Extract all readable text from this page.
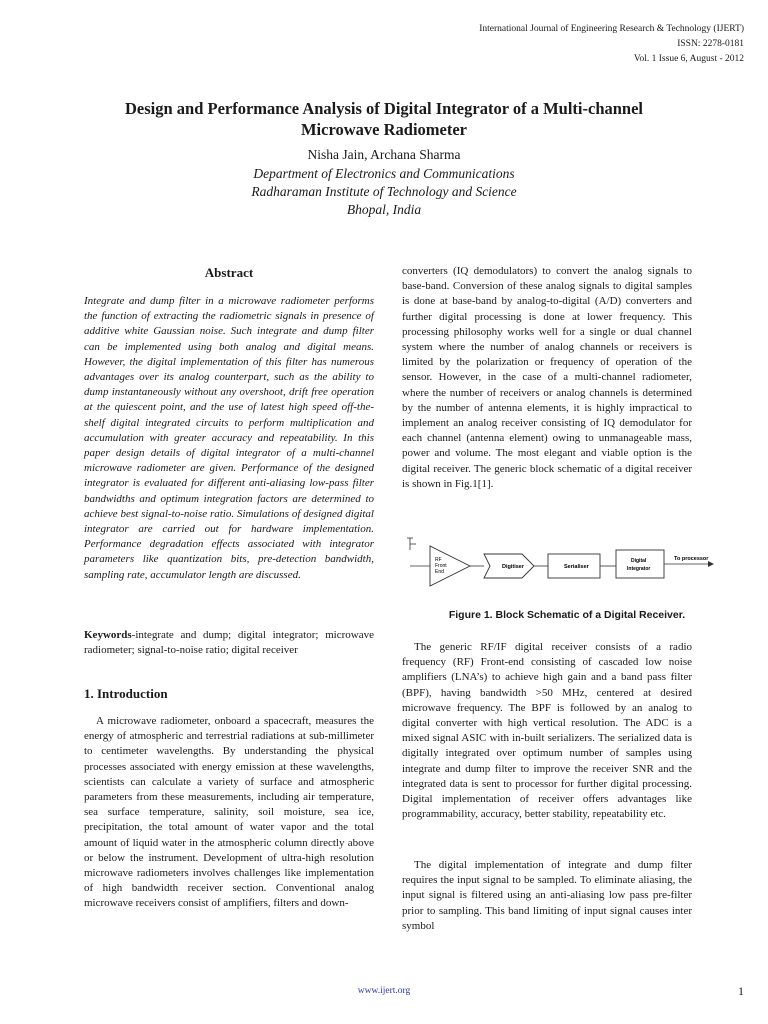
International Journal of Engineering Research & Technology (IJERT)
ISSN: 2278-0181
Vol. 1 Issue 6, August - 2012
Design and Performance Analysis of Digital Integrator of a Multi-channel
Microwave Radiometer
Nisha Jain, Archana Sharma
Department of Electronics and Communications
Radharaman Institute of Technology and Science
Bhopal, India
Abstract
Integrate and dump filter in a microwave radiometer performs the function of extracting the radiometric signals in presence of additive white Gaussian noise. Such integrate and dump filter can be implemented using both analog and digital means. However, the digital implementation of this filter has numerous advantages over its analog counterpart, such as the ability to dump instantaneously without any overshoot, drift free operation at the quiescent point, and the use of latest high speed off-the-shelf digital integrated circuits to perform multiplication and accumulation with greater accuracy and repeatability. In this paper design details of digital integrator of a multi-channel microwave radiometer are given. Performance of the designed integrator is evaluated for different anti-aliasing low-pass filter bandwidths and optimum integration factors are determined to achieve best signal-to-noise ratio. Simulations of designed digital integrator are carried out for hardware implementation. Performance degradation effects associated with integrator parameters like quantization bits, pre-detection bandwidth, sampling rate, accumulator length are discussed.
Keywords-integrate and dump; digital integrator; microwave radiometer; signal-to-noise ratio; digital receiver
1. Introduction
A microwave radiometer, onboard a spacecraft, measures the energy of atmospheric and terrestrial radiations at sub-millimeter to centimeter wavelengths. By understanding the physical processes associated with energy emission at these wavelengths, scientists can calculate a variety of surface and atmospheric parameters from these measurements, including air temperature, sea surface temperature, salinity, soil moisture, sea ice, precipitation, the total amount of water vapor and the total amount of liquid water in the atmospheric column directly above or below the instrument. Development of ultra-high resolution microwave radiometers involves challenges like implementation of high bandwidth receiver section. Conventional analog microwave receivers consist of amplifiers, filters and down-
converters (IQ demodulators) to convert the analog signals to base-band. Conversion of these analog signals to digital samples is done at base-band by analog-to-digital (A/D) converters and further digital processing is done at lower frequency. This processing philosophy works well for a single or dual channel system where the number of analog channels or receivers is limited by the polarization or frequency of operation of the sensor. However, in the case of a multi-channel radiometer, where the number of receivers or analog channels is determined by the number of antenna elements, it is highly impractical to implement an analog receiver consisting of IQ demodulator for each channel (antenna element) owing to unmanageable mass, power and volume. The most elegant and viable option is the digital receiver. The generic block schematic of a digital receiver is shown in Fig.1[1].
RF
Front
End
Digitiser	Serialiser
Digital
Integrator
To processor
Figure 1. Block Schematic of a Digital Receiver.
The generic RF/IF digital receiver consists of a radio frequency (RF) Front-end consisting of cascaded low noise amplifiers (LNA’s) to achieve high gain and a band pass filter (BPF), having bandwidth >50 MHz, centered at desired microwave frequency. The BPF is followed by an analog to digital converter with high vertical resolution. The ADC is a mixed signal ASIC with in-built serializers. The serialized data is digitally integrated over optimum number of samples using integrate and dump filter to improve the receiver SNR and the integrated data is sent to processor for further digital processing. Digital implementation of receiver offers advantages like programmability, accuracy, better stability, repeatability etc.
The digital implementation of integrate and dump filter requires the input signal to be sampled. To eliminate aliasing, the input signal is filtered using an anti-aliasing low pass pre-filter prior to sampling. This band limiting of input signal causes inter symbol
www.ijert.org	1
